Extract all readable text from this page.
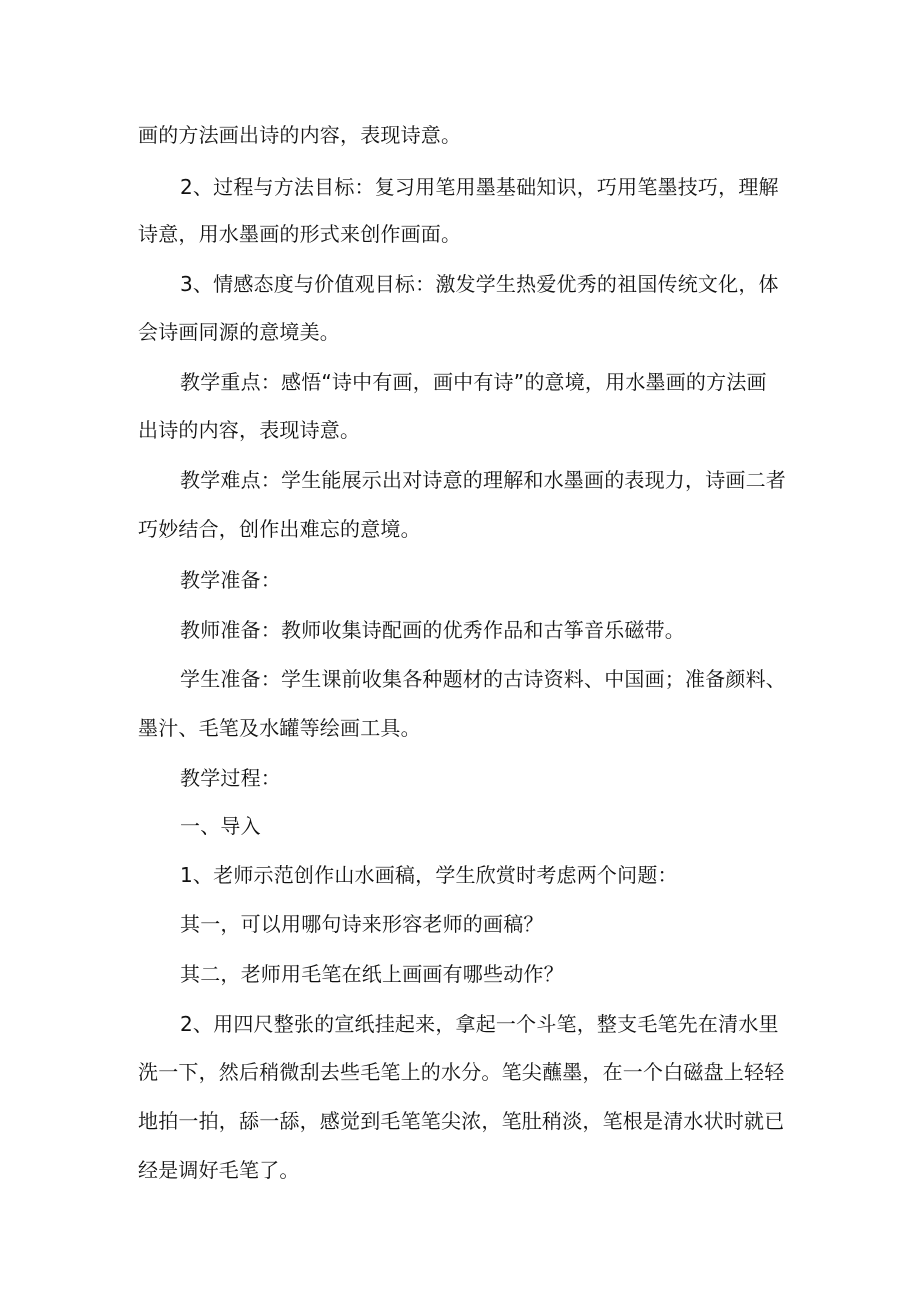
画的方法画出诗的内容，表现诗意。
2、过程与方法目标：复习用笔用墨基础知识，巧用笔墨技巧，理解
诗意，用水墨画的形式来创作画面。
3、情感态度与价值观目标：激发学生热爱优秀的祖国传统文化，体
会诗画同源的意境美。
教学重点：感悟“诗中有画，画中有诗”的意境，用水墨画的方法画
出诗的内容，表现诗意。
教学难点：学生能展示出对诗意的理解和水墨画的表现力，诗画二者
巧妙结合，创作出难忘的意境。
教学准备：
教师准备：教师收集诗配画的优秀作品和古筝音乐磁带。
学生准备：学生课前收集各种题材的古诗资料、中国画；准备颜料、
墨汁、毛笔及水罐等绘画工具。
教学过程：
一、导入
1、老师示范创作山水画稿，学生欣赏时考虑两个问题：
其一，可以用哪句诗来形容老师的画稿？
其二，老师用毛笔在纸上画画有哪些动作？
2、用四尺整张的宣纸挂起来，拿起一个斗笔，整支毛笔先在清水里
洗一下，然后稍微刮去些毛笔上的水分。笔尖蘸墨，在一个白磁盘上轻轻
地拍一拍，舔一舔，感觉到毛笔笔尖浓，笔肚稍淡，笔根是清水状时就已
经是调好毛笔了。
